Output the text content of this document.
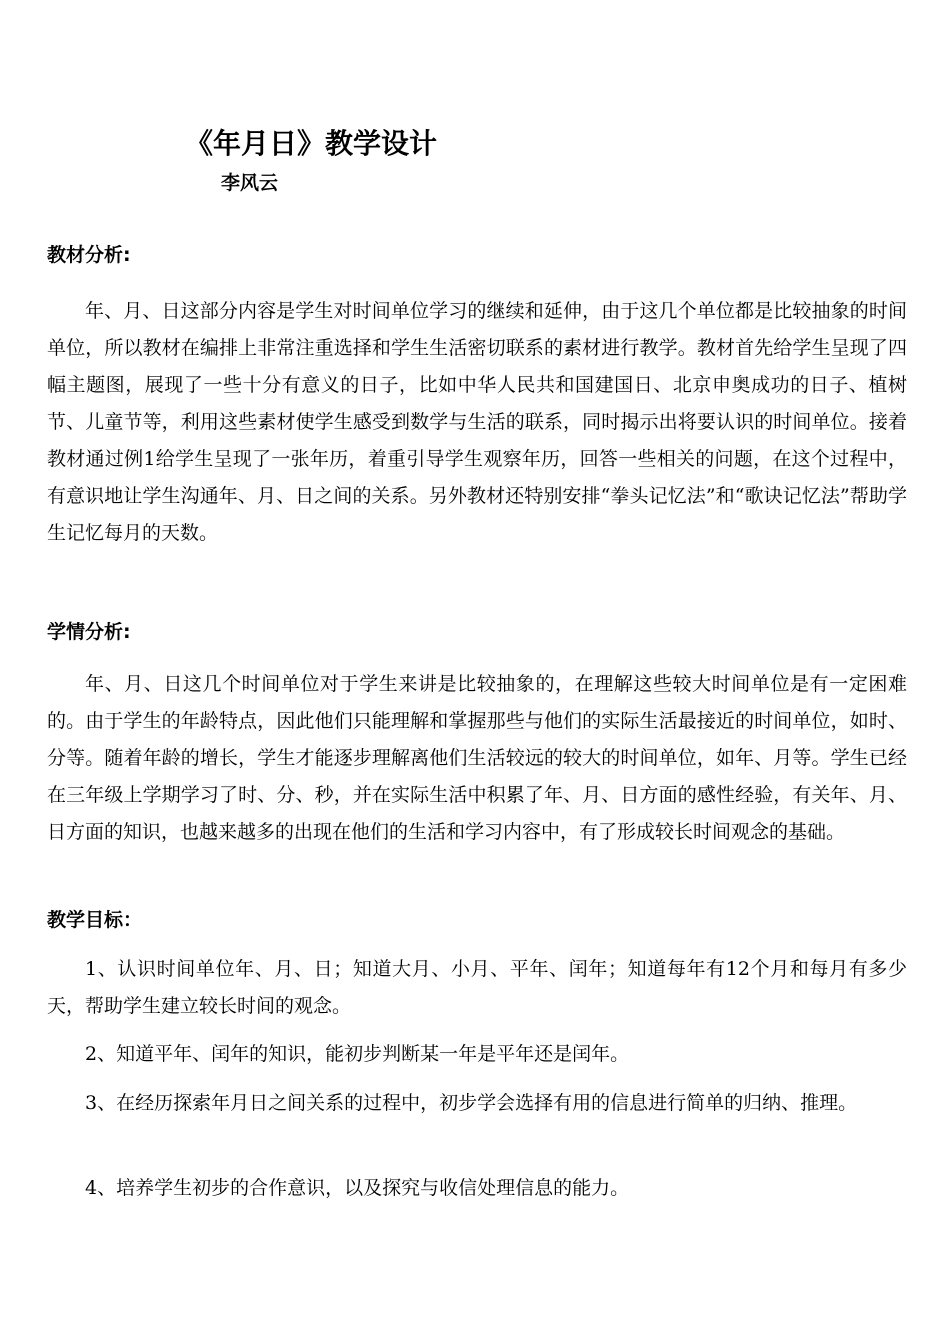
《年月日》教学设计
李风云
教材分析:

年、月、日这部分内容是学生对时间单位学习的继续和延伸，由于这几个单位都是比较抽象的时间单位，所以教材在编排上非常注重选择和学生生活密切联系的素材进行教学。教材首先给学生呈现了四幅主题图，展现了一些十分有意义的日子，比如中华人民共和国建国日、北京申奥成功的日子、植树节、儿童节等，利用这些素材使学生感受到数学与生活的联系，同时揭示出将要认识的时间单位。接着教材通过例1给学生呈现了一张年历，着重引导学生观察年历，回答一些相关的问题，在这个过程中，有意识地让学生沟通年、月、日之间的关系。另外教材还特别安排“拳头记忆法”和“歌诀记忆法”帮助学生记忆每月的天数。

学情分析:

年、月、日这几个时间单位对于学生来讲是比较抽象的，在理解这些较大时间单位是有一定困难的。由于学生的年龄特点，因此他们只能理解和掌握那些与他们的实际生活最接近的时间单位，如时、分等。随着年龄的增长，学生才能逐步理解离他们生活较远的较大的时间单位，如年、月等。学生已经在三年级上学期学习了时、分、秒，并在实际生活中积累了年、月、日方面的感性经验，有关年、月、日方面的知识，也越来越多的出现在他们的生活和学习内容中，有了形成较长时间观念的基础。

教学目标：

1、认识时间单位年、月、日；知道大月、小月、平年、闰年；知道每年有12个月和每月有多少天，帮助学生建立较长时间的观念。

2、知道平年、闰年的知识，能初步判断某一年是平年还是闰年。

3、在经历探索年月日之间关系的过程中，初步学会选择有用的信息进行简单的归纳、推理。

4、培养学生初步的合作意识，以及探究与收信处理信息的能力。
